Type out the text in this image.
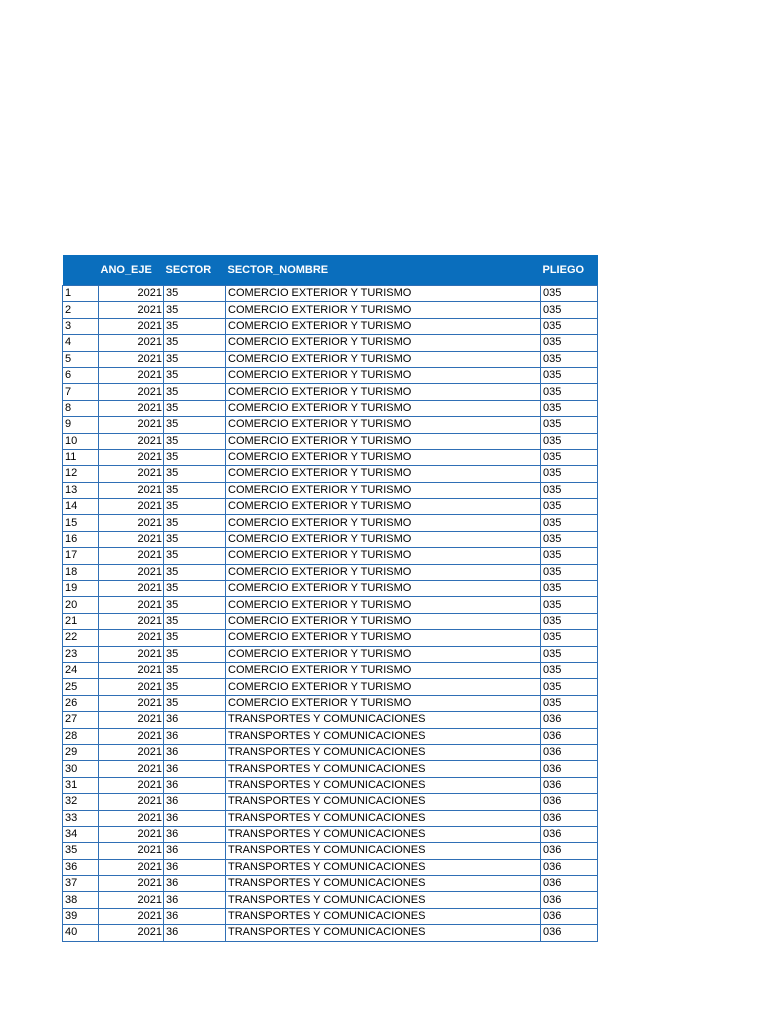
	ANO_EJE	SECTOR	SECTOR_NOMBRE	PLIEGO
1	2021	35	COMERCIO EXTERIOR Y TURISMO	035
2	2021	35	COMERCIO EXTERIOR Y TURISMO	035
3	2021	35	COMERCIO EXTERIOR Y TURISMO	035
4	2021	35	COMERCIO EXTERIOR Y TURISMO	035
5	2021	35	COMERCIO EXTERIOR Y TURISMO	035
6	2021	35	COMERCIO EXTERIOR Y TURISMO	035
7	2021	35	COMERCIO EXTERIOR Y TURISMO	035
8	2021	35	COMERCIO EXTERIOR Y TURISMO	035
9	2021	35	COMERCIO EXTERIOR Y TURISMO	035
10	2021	35	COMERCIO EXTERIOR Y TURISMO	035
11	2021	35	COMERCIO EXTERIOR Y TURISMO	035
12	2021	35	COMERCIO EXTERIOR Y TURISMO	035
13	2021	35	COMERCIO EXTERIOR Y TURISMO	035
14	2021	35	COMERCIO EXTERIOR Y TURISMO	035
15	2021	35	COMERCIO EXTERIOR Y TURISMO	035
16	2021	35	COMERCIO EXTERIOR Y TURISMO	035
17	2021	35	COMERCIO EXTERIOR Y TURISMO	035
18	2021	35	COMERCIO EXTERIOR Y TURISMO	035
19	2021	35	COMERCIO EXTERIOR Y TURISMO	035
20	2021	35	COMERCIO EXTERIOR Y TURISMO	035
21	2021	35	COMERCIO EXTERIOR Y TURISMO	035
22	2021	35	COMERCIO EXTERIOR Y TURISMO	035
23	2021	35	COMERCIO EXTERIOR Y TURISMO	035
24	2021	35	COMERCIO EXTERIOR Y TURISMO	035
25	2021	35	COMERCIO EXTERIOR Y TURISMO	035
26	2021	35	COMERCIO EXTERIOR Y TURISMO	035
27	2021	36	TRANSPORTES Y COMUNICACIONES	036
28	2021	36	TRANSPORTES Y COMUNICACIONES	036
29	2021	36	TRANSPORTES Y COMUNICACIONES	036
30	2021	36	TRANSPORTES Y COMUNICACIONES	036
31	2021	36	TRANSPORTES Y COMUNICACIONES	036
32	2021	36	TRANSPORTES Y COMUNICACIONES	036
33	2021	36	TRANSPORTES Y COMUNICACIONES	036
34	2021	36	TRANSPORTES Y COMUNICACIONES	036
35	2021	36	TRANSPORTES Y COMUNICACIONES	036
36	2021	36	TRANSPORTES Y COMUNICACIONES	036
37	2021	36	TRANSPORTES Y COMUNICACIONES	036
38	2021	36	TRANSPORTES Y COMUNICACIONES	036
39	2021	36	TRANSPORTES Y COMUNICACIONES	036
40	2021	36	TRANSPORTES Y COMUNICACIONES	036
